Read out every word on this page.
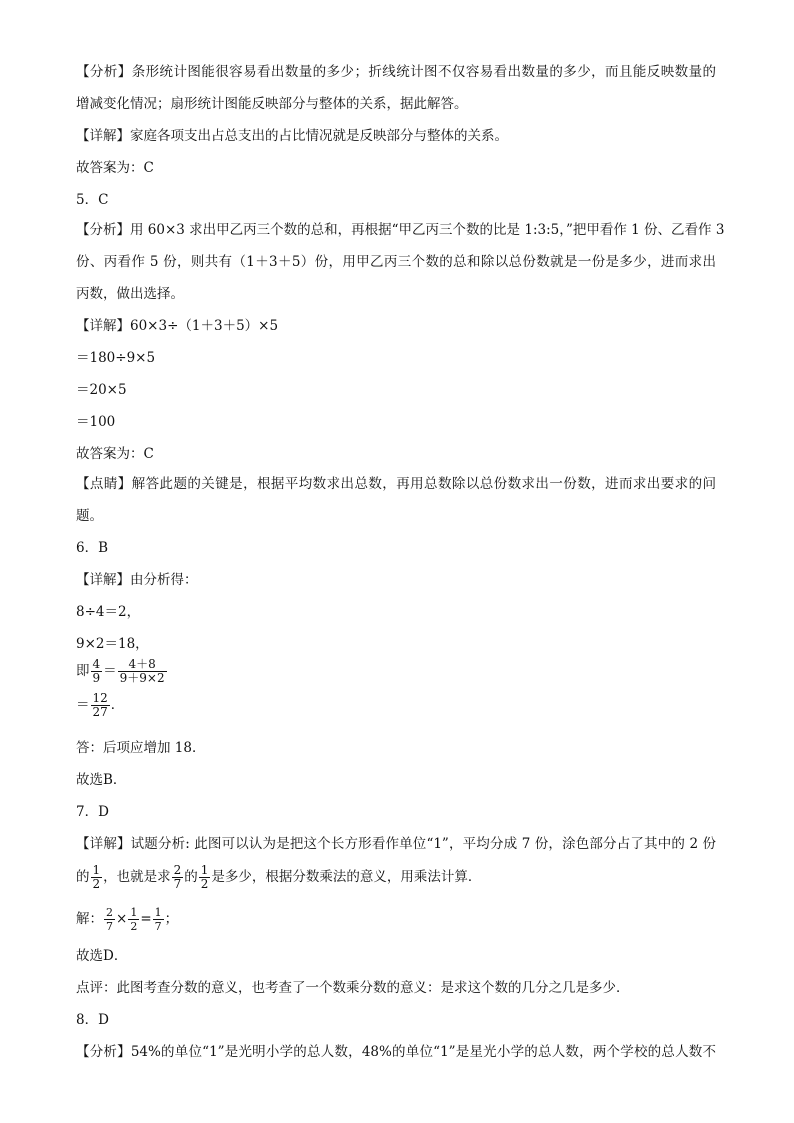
【分析】条形统计图能很容易看出数量的多少；折线统计图不仅容易看出数量的多少，而且能反映数量的
增减变化情况；扇形统计图能反映部分与整体的关系，据此解答。
【详解】家庭各项支出占总支出的占比情况就是反映部分与整体的关系。
故答案为：C
5．C
【分析】用 60×3 求出甲乙丙三个数的总和，再根据“甲乙丙三个数的比是 1:3:5，”把甲看作 1 份、乙看作 3
份、丙看作 5 份，则共有（1＋3＋5）份，用甲乙丙三个数的总和除以总份数就是一份是多少，进而求出
丙数，做出选择。
【详解】60×3÷（1＋3＋5）×5
＝180÷9×5
＝20×5
＝100
故答案为：C
【点睛】解答此题的关键是，根据平均数求出总数，再用总数除以总份数求出一份数，进而求出要求的问
题。
6．B
【详解】由分析得：
8÷4＝2，
9×2＝18，
即 $\frac{4}{9} = \frac{4+8}{9+9\times 2}$
＝ $\frac{12}{27}$ ．
答：后项应增加 18．
故选B．
7．D
【详解】试题分析: 此图可以认为是把这个长方形看作单位“1”，平均分成 7 份，涂色部分占了其中的 2 份
的 $\frac{1}{2}$ ，也就是求 $\frac{2}{7}$ 的 $\frac{1}{2}$ 是多少，根据分数乘法的意义，用乘法计算．
解： $\frac{2}{7} \times \frac{1}{2} = \frac{1}{7}$ ；
故选D．
点评：此图考查分数的意义，也考查了一个数乘分数的意义：是求这个数的几分之几是多少．
8．D
【分析】54%的单位“1”是光明小学的总人数，48%的单位“1”是星光小学的总人数，两个学校的总人数不
